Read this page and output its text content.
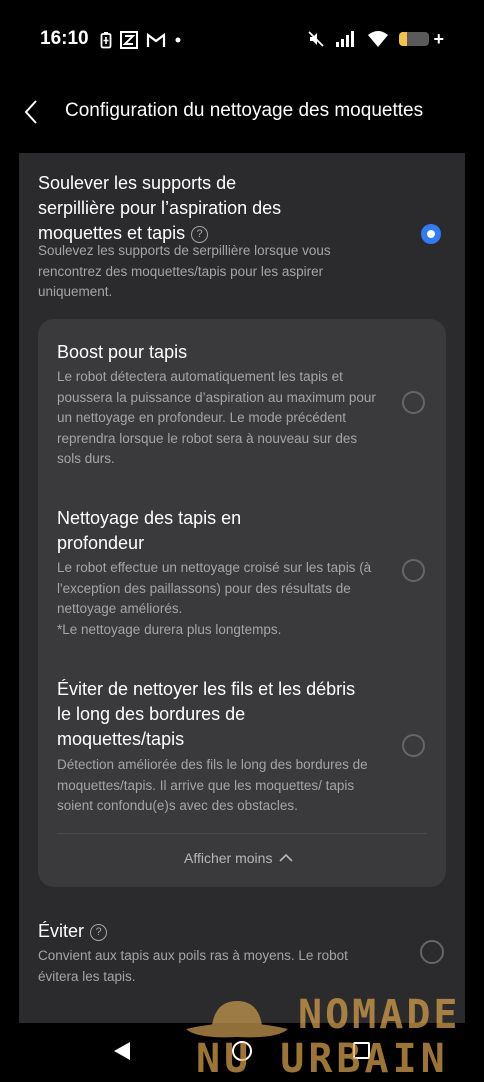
16:10	+
Configuration du nettoyage des moquettes
Soulever les supports de serpillière pour l’aspiration des moquettes et tapis ?
Soulevez les supports de serpillière lorsque vous rencontrez des moquettes/tapis pour les aspirer uniquement.
Boost pour tapis
Le robot détectera automatiquement les tapis et poussera la puissance d’aspiration au maximum pour un nettoyage en profondeur. Le mode précédent reprendra lorsque le robot sera à nouveau sur des sols durs.
Nettoyage des tapis en profondeur
Le robot effectue un nettoyage croisé sur les tapis (à l'exception des paillassons) pour des résultats de nettoyage améliorés.
*Le nettoyage durera plus longtemps.
Éviter de nettoyer les fils et les débris le long des bordures de moquettes/tapis
Détection améliorée des fils le long des bordures de moquettes/tapis. Il arrive que les moquettes/ tapis soient confondu(e)s avec des obstacles.
Afficher moins
Éviter ?
Convient aux tapis aux poils ras à moyens. Le robot évitera les tapis.
NOMADE
NU URBAIN
